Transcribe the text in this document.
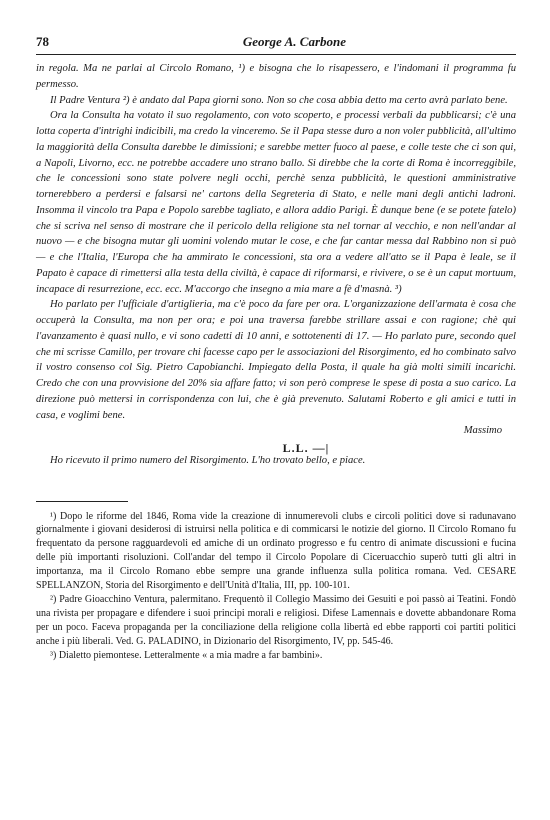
78	George A. Carbone

in regola. Ma ne parlai al Circolo Romano, ¹) e bisogna che lo risapessero, e l'indomani il programma fu permesso.

Il Padre Ventura ²) è andato dal Papa giorni sono. Non so che cosa abbia detto ma certo avrà parlato bene.

Ora la Consulta ha votato il suo regolamento, con voto scoperto, e processi verbali da pubblicarsi; c'è una lotta coperta d'intrighi indicibili, ma credo la vinceremo. Se il Papa stesse duro a non voler pubblicità, all'ultimo la maggiorità della Consulta darebbe le dimissioni; e sarebbe metter fuoco al paese, e colle teste che ci son qui, a Napoli, Livorno, ecc. ne potrebbe accadere uno strano ballo. Si direbbe che la corte di Roma è incorreggibile, che le concessioni sono state polvere negli occhi, perchè senza pubblicità, le questioni amministrative tornerebbero a perdersi e falsarsi ne' cartons della Segreteria di Stato, e nelle mani degli antichi ladroni. Insomma il vincolo tra Papa e Popolo sarebbe tagliato, e allora addio Parigi. È dunque bene (e se potete fatelo) che si scriva nel senso di mostrare che il pericolo della religione sta nel tornar al vecchio, e non nell'andar al nuovo — e che bisogna mutar gli uomini volendo mutar le cose, e che far cantar messa dal Rabbino non si può — e che l'Italia, l'Europa che ha ammirato le concessioni, sta ora a vedere all'atto se il Papa è leale, se il Papato è capace di rimettersi alla testa della civiltà, è capace di riformarsi, e rivivere, o se è un caput mortuum, incapace di resurrezione, ecc. ecc. M'accorgo che insegno a mia mare a fè d'masnà. ³)

Ho parlato per l'ufficiale d'artiglieria, ma c'è poco da fare per ora. L'organizzazione dell'armata è cosa che occuperà la Consulta, ma non per ora; e poi una traversa farebbe strillare assai e con ragione; chè qui l'avanzamento è quasi nullo, e vi sono cadetti di 10 anni, e sottotenenti di 17. — Ho parlato pure, secondo quel che mi scrisse Camillo, per trovare chi facesse capo per le associazioni del Risorgimento, ed ho combinato salvo il vostro consenso col Sig. Pietro Capobianchi. Impiegato della Posta, il quale ha già molti simili incarichi. Credo che con una provvisione del 20% sia affare fatto; vi son però comprese le spese di posta a suo carico. La direzione può mettersi in corrispondenza con lui, che è già prevenuto. Salutami Roberto e gli amici e tutti in casa, e voglimi bene.

Massimo
L.L. —|

Ho ricevuto il primo numero del Risorgimento. L'ho trovato bello, e piace.

¹) Dopo le riforme del 1846, Roma vide la creazione di innumerevoli clubs e circoli politici dove si radunavano giornalmente i giovani desiderosi di istruirsi nella politica e di commicarsi le notizie del giorno. Il Circolo Romano fu frequentato da persone ragguardevoli ed amiche di un ordinato progresso e fu centro di animate discussioni e fucina delle più importanti risoluzioni. Coll'andar del tempo il Circolo Popolare di Ciceruacchio superò tutti gli altri in importanza, ma il Circolo Romano ebbe sempre una grande influenza sulla politica romana. Ved. CESARE SPELLANZON, Storia del Risorgimento e dell'Unità d'Italia, III, pp. 100-101.

²) Padre Gioacchino Ventura, palermitano. Frequentò il Collegio Massimo dei Gesuiti e poi passò ai Teatini. Fondò una rivista per propagare e difendere i suoi principi morali e religiosi. Difese Lamennais e dovette abbandonare Roma per un poco. Faceva propaganda per la conciliazione della religione colla libertà ed ebbe rapporti coi partiti politici anche i più liberali. Ved. G. PALADINO, in Dizionario del Risorgimento, IV, pp. 545-46.

³) Dialetto piemontese. Letteralmente « a mia madre a far bambini».
